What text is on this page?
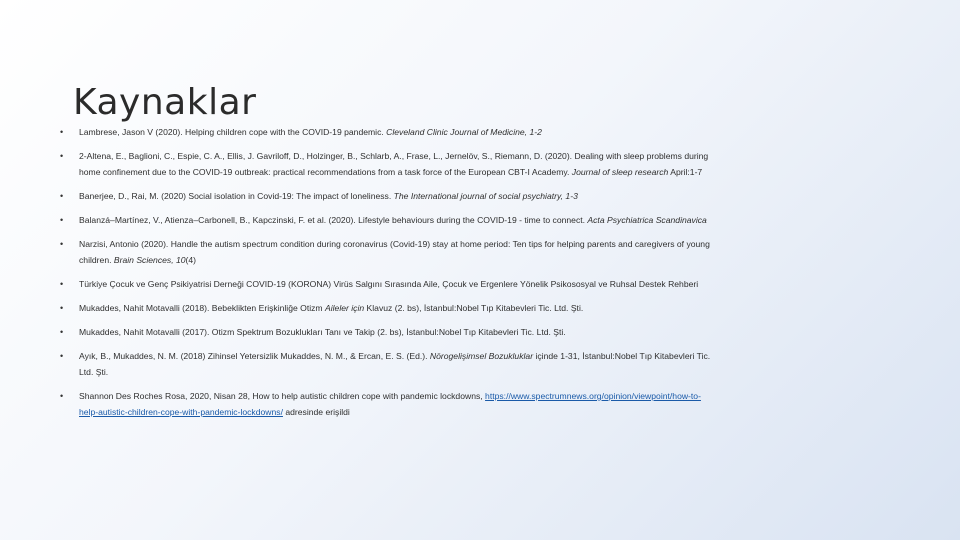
Kaynaklar
• Lambrese, Jason V (2020). Helping children cope with the COVID-19 pandemic. Cleveland Clinic Journal of Medicine, 1-2
• 2-Altena, E., Baglioni, C., Espie, C. A., Ellis, J. Gavriloff, D., Holzinger, B., Schlarb, A., Frase, L., Jernelöv, S., Riemann, D. (2020). Dealing with sleep problems during home confinement due to the COVID-19 outbreak: practical recommendations from a task force of the European CBT-I Academy. Journal of sleep research April:1-7
• Banerjee, D., Rai, M. (2020) Social isolation in Covid-19: The impact of loneliness. The International journal of social psychiatry, 1-3
• Balanzá–Martínez, V., Atienza–Carbonell, B., Kapczinski, F. et al. (2020). Lifestyle behaviours during the COVID-19 - time to connect. Acta Psychiatrica Scandinavica
• Narzisi, Antonio (2020). Handle the autism spectrum condition during coronavirus (Covid-19) stay at home period: Ten tips for helping parents and caregivers of young children. Brain Sciences, 10(4)
• Türkiye Çocuk ve Genç Psikiyatrisi Derneği COVID-19 (KORONA) Virüs Salgını Sırasında Aile, Çocuk ve Ergenlere Yönelik Psikososyal ve Ruhsal Destek Rehberi
• Mukaddes, Nahit Motavalli (2018). Bebeklikten Erişkinliğe Otizm Aileler için Klavuz (2. bs), İstanbul:Nobel Tıp Kitabevleri Tic. Ltd. Şti.
• Mukaddes, Nahit Motavalli (2017). Otizm Spektrum Bozuklukları Tanı ve Takip (2. bs), İstanbul:Nobel Tıp Kitabevleri Tic. Ltd. Şti.
• Ayık, B., Mukaddes, N. M. (2018) Zihinsel Yetersizlik Mukaddes, N. M., & Ercan, E. S. (Ed.). Nörogelişimsel Bozukluklar içinde 1-31, İstanbul:Nobel Tıp Kitabevleri Tic. Ltd. Şti.
• Shannon Des Roches Rosa, 2020, Nisan 28, How to help autistic children cope with pandemic lockdowns, https://www.spectrumnews.org/opinion/viewpoint/how-to-help-autistic-children-cope-with-pandemic-lockdowns/ adresinde erişildi
